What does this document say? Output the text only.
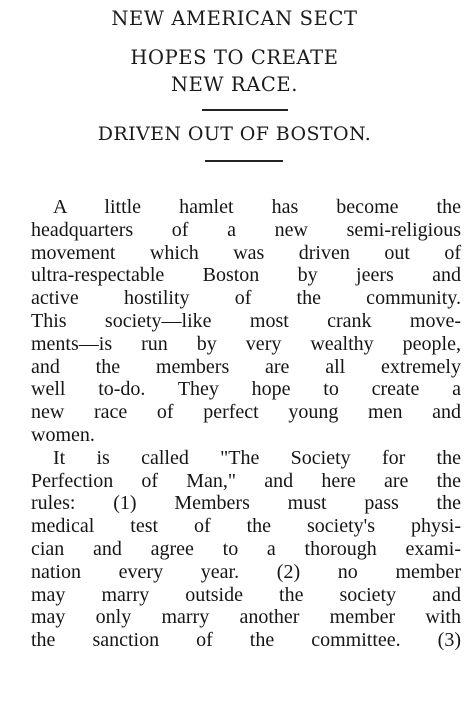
NEW AMERICAN SECT
HOPES TO CREATE
NEW RACE.
DRIVEN OUT OF BOSTON.
A little hamlet has become the
headquarters of a new semi-religious
movement which was driven out of
ultra-respectable Boston by jeers and
active hostility of the community.
This society—like most crank move-
ments—is run by very wealthy people,
and the members are all extremely
well to-do. They hope to create a
new race of perfect young men and
women.
It is called "The Society for the
Perfection of Man," and here are the
rules: (1) Members must pass the
medical test of the society's physi-
cian and agree to a thorough exami-
nation every year. (2) no member
may marry outside the society and
may only marry another member with
the sanction of the committee. (3)
